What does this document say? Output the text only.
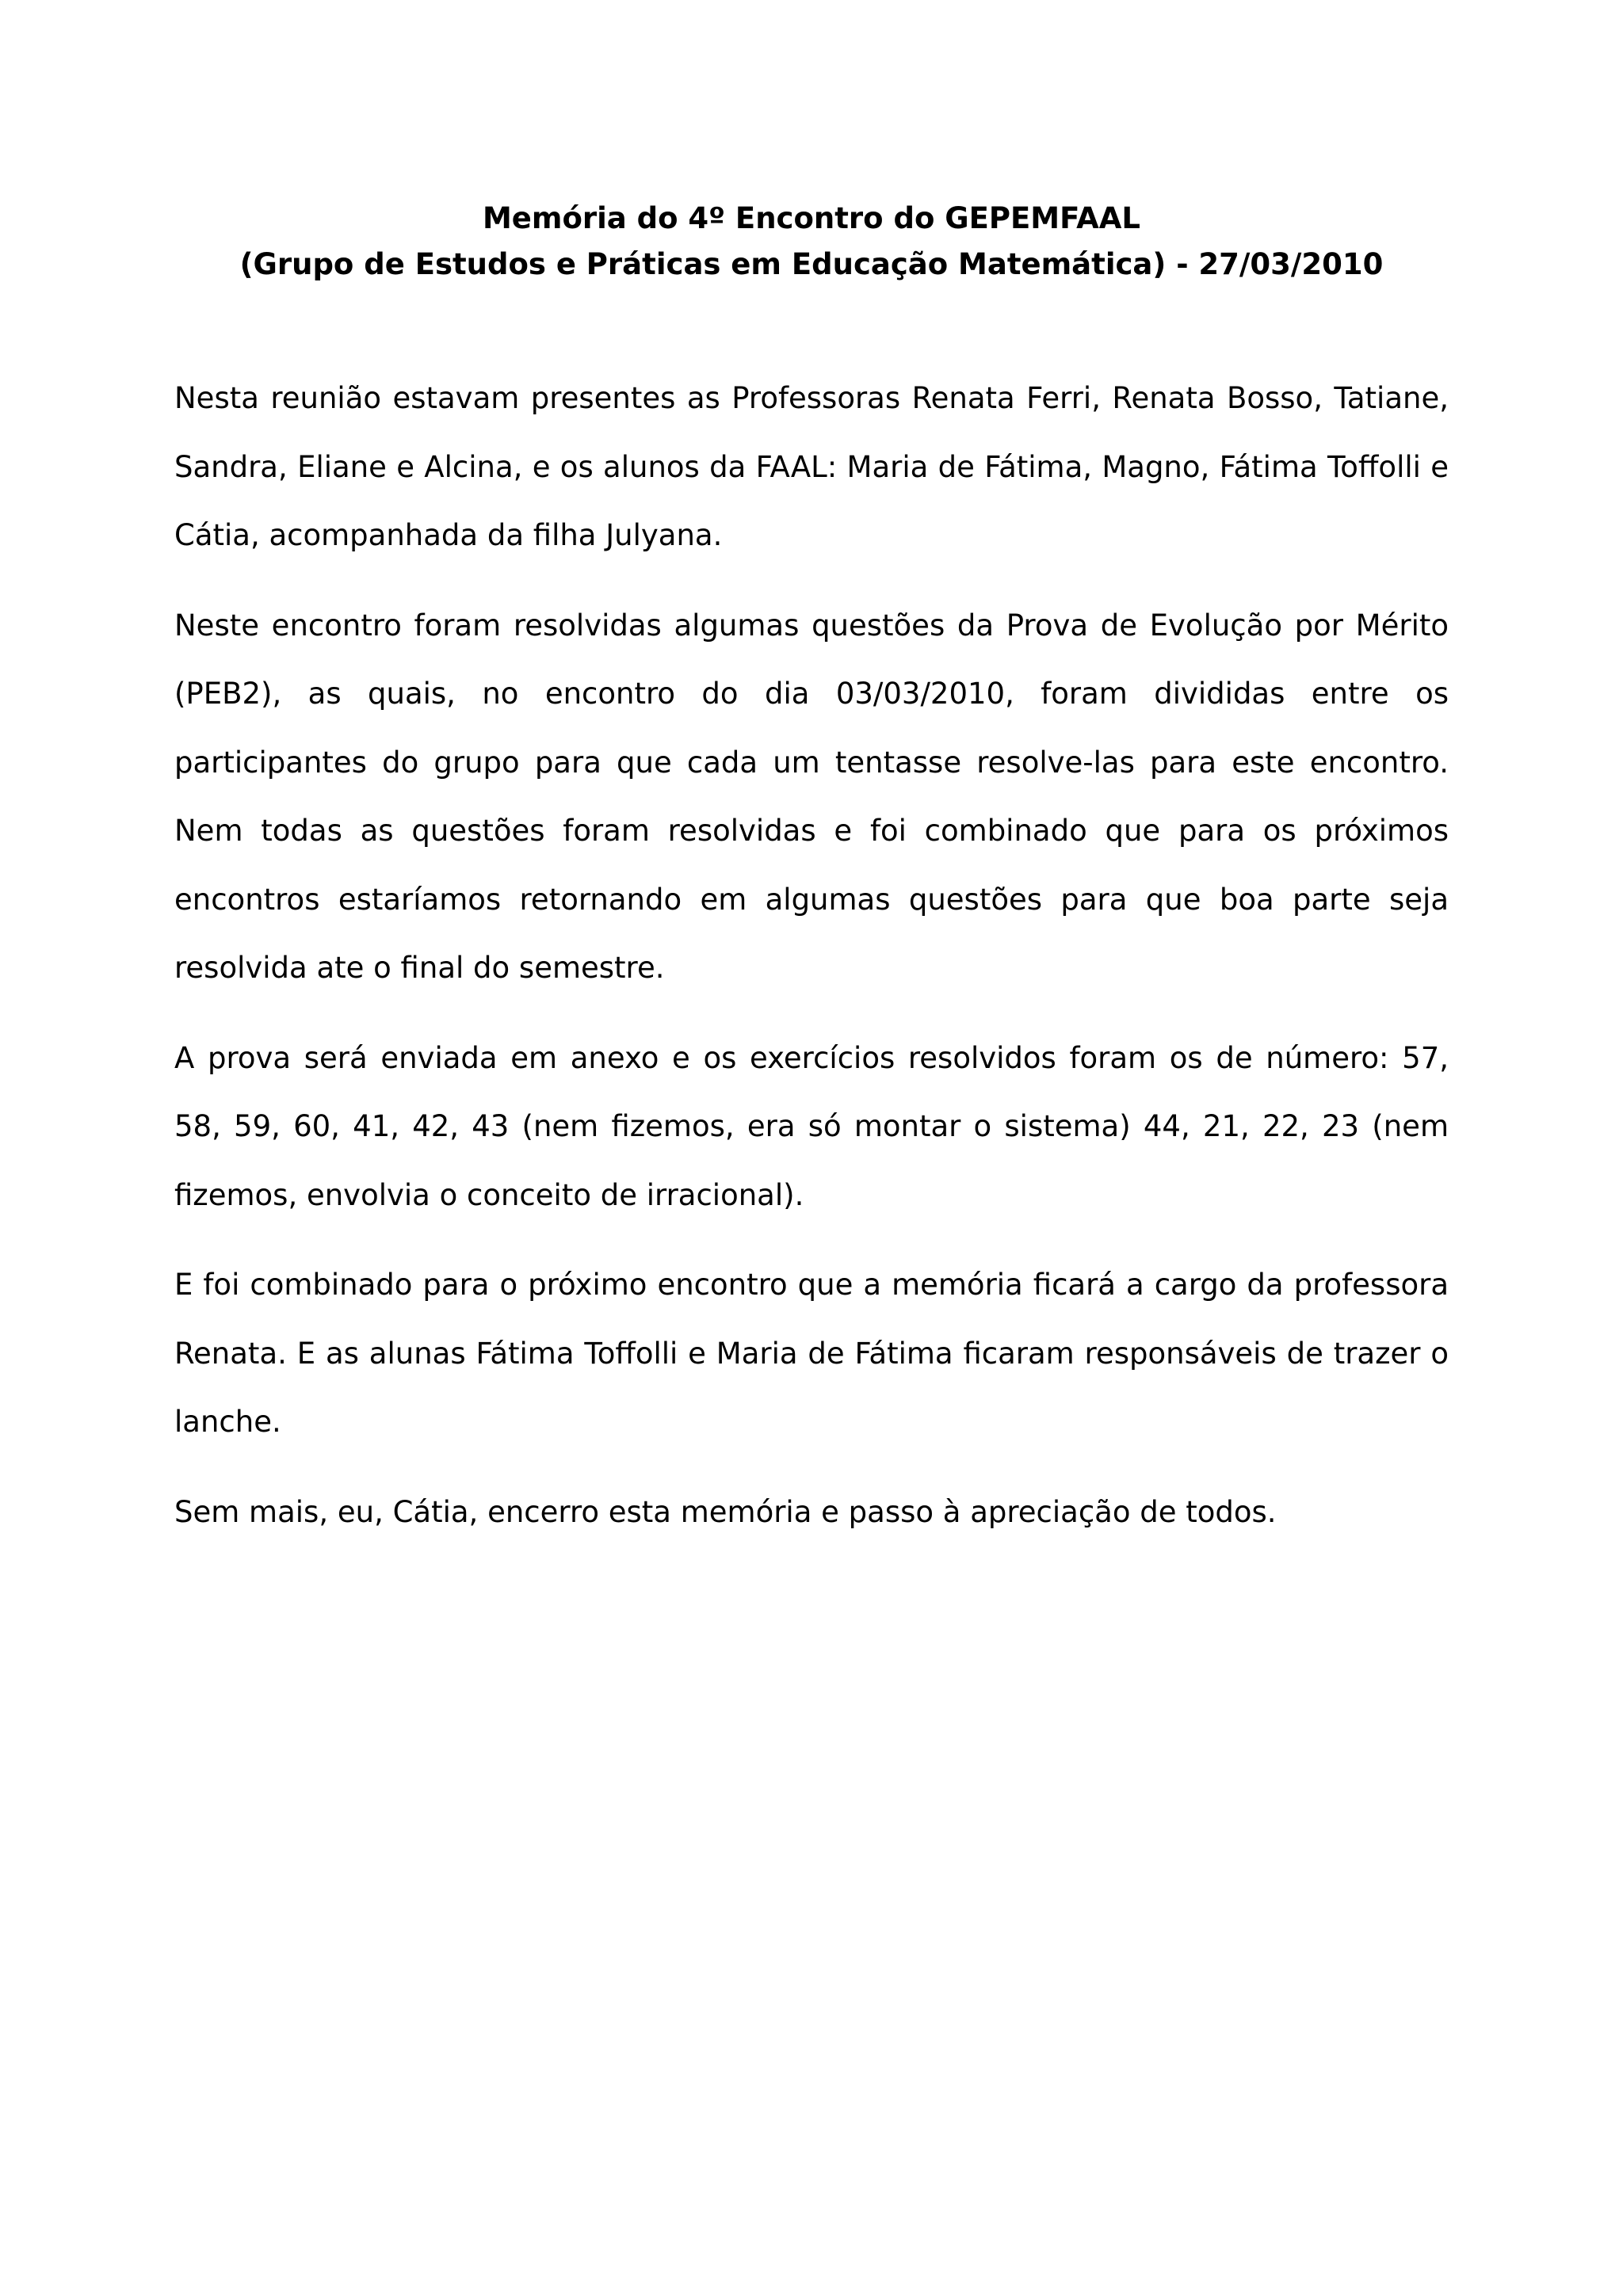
Memória do 4º Encontro do GEPEMFAAL
(Grupo de Estudos e Práticas em Educação Matemática) - 27/03/2010

Nesta reunião estavam presentes as Professoras Renata Ferri, Renata Bosso, Tatiane, Sandra, Eliane e Alcina, e os alunos da FAAL: Maria de Fátima, Magno, Fátima Toffolli e Cátia, acompanhada da filha Julyana.

Neste encontro foram resolvidas algumas questões da Prova de Evolução por Mérito (PEB2), as quais, no encontro do dia 03/03/2010, foram divididas entre os participantes do grupo para que cada um tentasse resolve-las para este encontro. Nem todas as questões foram resolvidas e foi combinado que para os próximos encontros estaríamos retornando em algumas questões para que boa parte seja resolvida ate o final do semestre.

A prova será enviada em anexo e os exercícios resolvidos foram os de número: 57, 58, 59, 60, 41, 42, 43 (nem fizemos, era só montar o sistema) 44, 21, 22, 23 (nem fizemos, envolvia o conceito de irracional).

E foi combinado para o próximo encontro que a memória ficará a cargo da professora Renata. E as alunas Fátima Toffolli e Maria de Fátima ficaram responsáveis de trazer o lanche.

Sem mais, eu, Cátia, encerro esta memória e passo à apreciação de todos.
